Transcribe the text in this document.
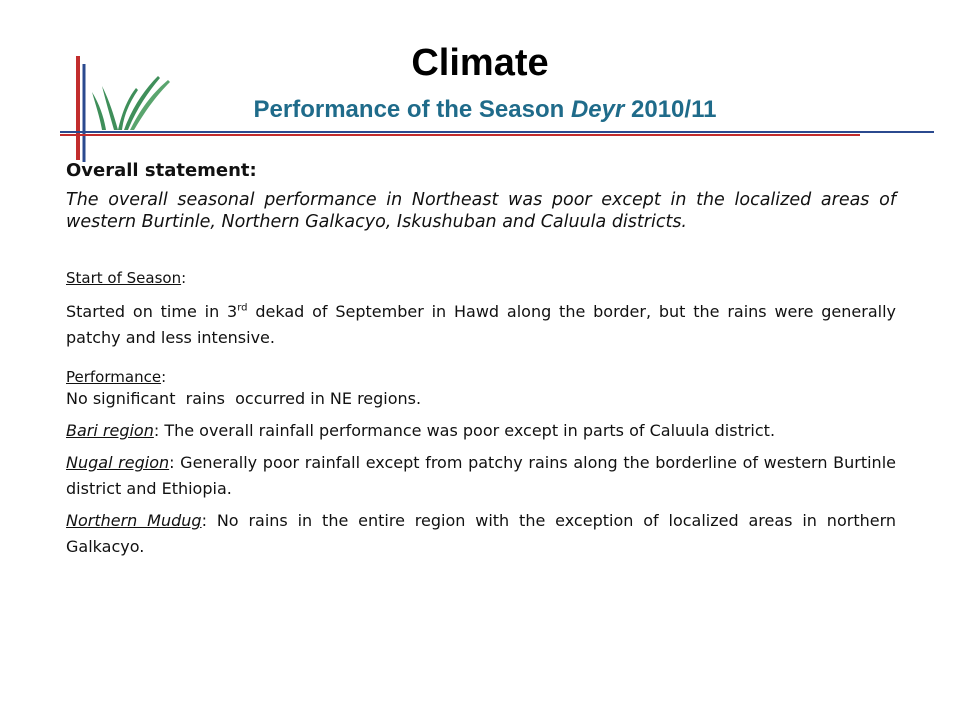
Climate
Performance of the Season Deyr 2010/11

Overall statement:

The overall seasonal performance in Northeast was poor except in the localized areas of western Burtinle, Northern Galkacyo, Iskushuban and Caluula districts.

Start of Season:

Started on time in 3rd dekad of September in Hawd along the border, but the rains were generally patchy and less intensive.

Performance:

No significant  rains  occurred in NE regions.

Bari region: The overall rainfall performance was poor except in parts of Caluula district.

Nugal region: Generally poor rainfall except from patchy rains along the borderline of western Burtinle district and Ethiopia.

Northern Mudug: No rains in the entire region with the exception of localized areas in northern Galkacyo.
